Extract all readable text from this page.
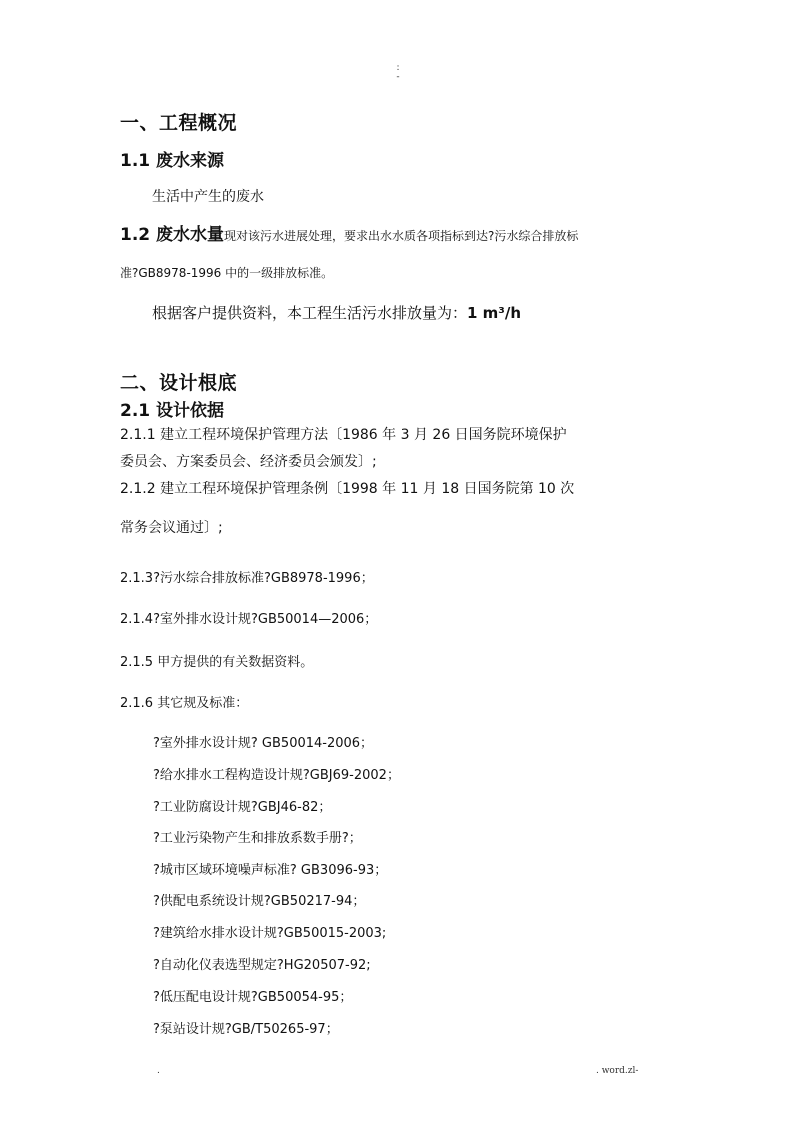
:
-
一、工程概况
1.1 废水来源
生活中产生的废水
1.2 废水水量现对该污水进展处理，要求出水水质各项指标到达?污水综合排放标
准?GB8978-1996 中的一级排放标准。
根据客户提供资料，本工程生活污水排放量为：1 m³/h
二、设计根底
2.1 设计依据
2.1.1 建立工程环境保护管理方法〔1986 年 3 月 26 日国务院环境保护
委员会、方案委员会、经济委员会颁发〕;
2.1.2 建立工程环境保护管理条例〔1998 年 11 月 18 日国务院第 10 次
常务会议通过〕;
2.1.3?污水综合排放标准?GB8978-1996；
2.1.4?室外排水设计规?GB50014—2006；
2.1.5 甲方提供的有关数据资料。
2.1.6 其它规及标准：
?室外排水设计规? GB50014-2006；
?给水排水工程构造设计规?GBJ69-2002；
?工业防腐设计规?GBJ46-82；
?工业污染物产生和排放系数手册?；
?城市区域环境噪声标准? GB3096-93；
?供配电系统设计规?GB50217-94；
?建筑给水排水设计规?GB50015-2003;
?自动化仪表选型规定?HG20507-92;
?低压配电设计规?GB50054-95；
?泵站设计规?GB/T50265-97；
.	. word.zl-
